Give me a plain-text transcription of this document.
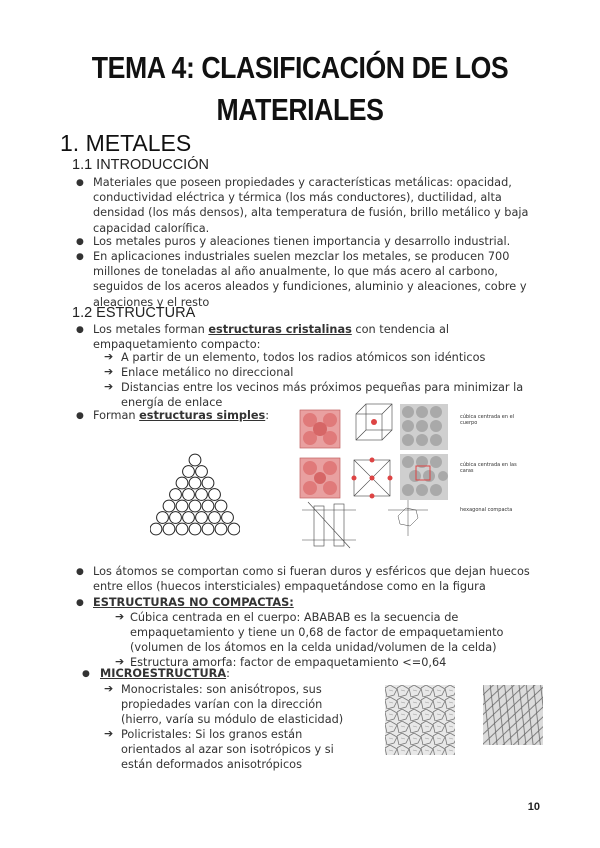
TEMA 4: CLASIFICACIÓN DE LOS
MATERIALES
1. METALES
1.1 INTRODUCCIÓN
● Materiales que poseen propiedades y características metálicas: opacidad, conductividad eléctrica y térmica (los más conductores), ductilidad, alta densidad (los más densos), alta temperatura de fusión, brillo metálico y baja capacidad calorífica.
● Los metales puros y aleaciones tienen importancia y desarrollo industrial.
● En aplicaciones industriales suelen mezclar los metales, se producen 700 millones de toneladas al año anualmente, lo que más acero al carbono, seguidos de los aceros aleados y fundiciones, aluminio y aleaciones, cobre y aleaciones y el resto
1.2 ESTRUCTURA
● Los metales forman estructuras cristalinas con tendencia al empaquetamiento compacto:
➔ A partir de un elemento, todos los radios atómicos son idénticos
➔ Enlace metálico no direccional
➔ Distancias entre los vecinos más próximos pequeñas para minimizar la energía de enlace
● Forman estructuras simples:	cúbica centrada en el cuerpo
cúbica centrada en las caras
hexagonal compacta
● Los átomos se comportan como si fueran duros y esféricos que dejan huecos entre ellos (huecos intersticiales) empaquetándose como en la figura
● ESTRUCTURAS NO COMPACTAS:
➔ Cúbica centrada en el cuerpo: ABABAB es la secuencia de empaquetamiento y tiene un 0,68 de factor de empaquetamiento (volumen de los átomos en la celda unidad/volumen de la celda)
➔ Estructura amorfa: factor de empaquetamiento <=0,64
● MICROESTRUCTURA:
➔ Monocristales: son anisótropos, sus propiedades varían con la dirección (hierro, varía su módulo de elasticidad)
➔ Policristales: Si los granos están orientados al azar son isotrópicos y si están deformados anisotrópicos
10
